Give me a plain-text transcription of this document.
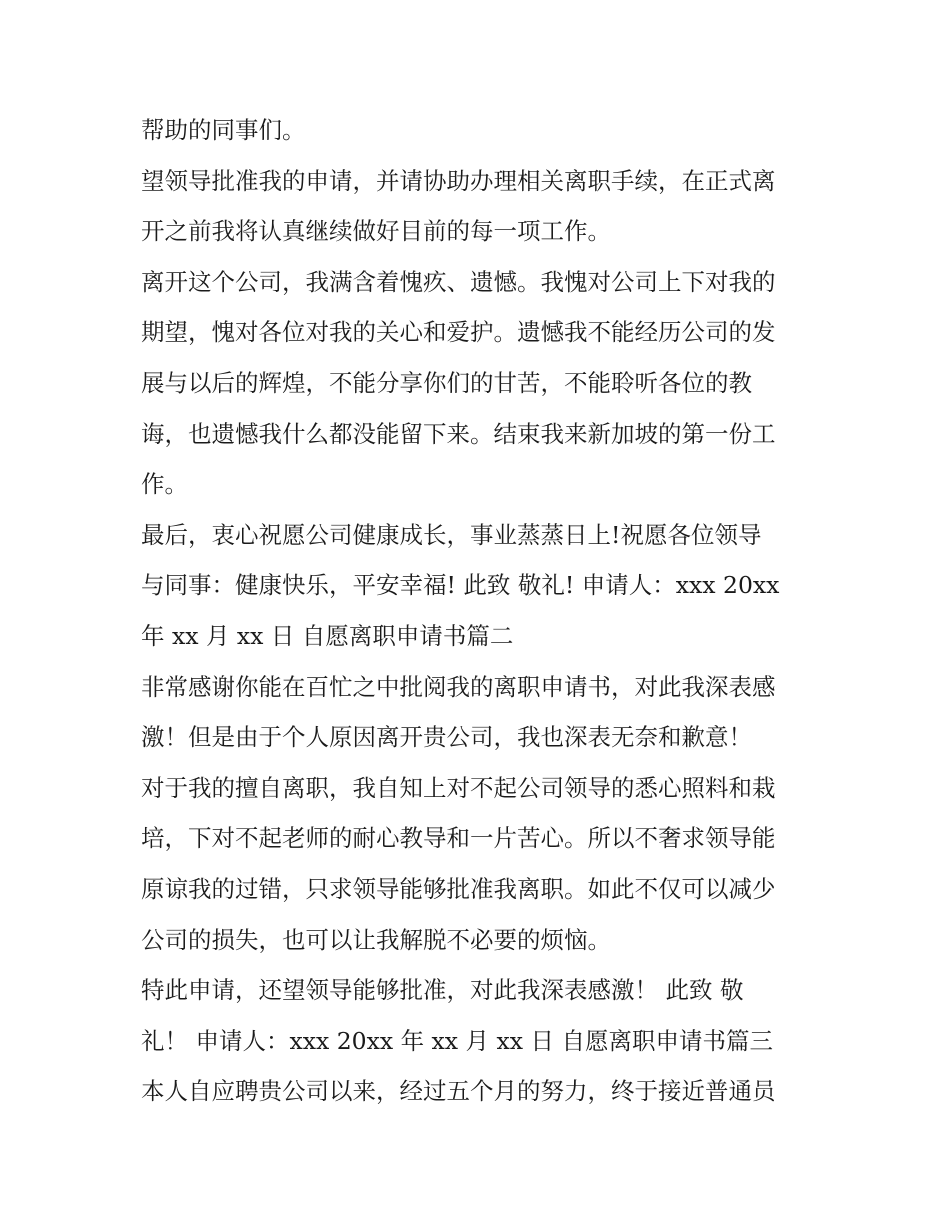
帮助的同事们。
望领导批准我的申请，并请协助办理相关离职手续，在正式离
开之前我将认真继续做好目前的每一项工作。
离开这个公司，我满含着愧疚、遗憾。我愧对公司上下对我的
期望，愧对各位对我的关心和爱护。遗憾我不能经历公司的发
展与以后的辉煌，不能分享你们的甘苦，不能聆听各位的教
诲，也遗憾我什么都没能留下来。结束我来新加坡的第一份工
作。
最后，衷心祝愿公司健康成长，事业蒸蒸日上!祝愿各位领导
与同事：健康快乐，平安幸福! 此致 敬礼! 申请人：xxx 20xx
年 xx 月 xx 日 自愿离职申请书篇二
非常感谢你能在百忙之中批阅我的离职申请书，对此我深表感
激！但是由于个人原因离开贵公司，我也深表无奈和歉意！
对于我的擅自离职，我自知上对不起公司领导的悉心照料和栽
培，下对不起老师的耐心教导和一片苦心。所以不奢求领导能
原谅我的过错，只求领导能够批准我离职。如此不仅可以减少
公司的损失，也可以让我解脱不必要的烦恼。
特此申请，还望领导能够批准，对此我深表感激！ 此致 敬
礼！ 申请人：xxx 20xx 年 xx 月 xx 日 自愿离职申请书篇三
本人自应聘贵公司以来，经过五个月的努力，终于接近普通员
